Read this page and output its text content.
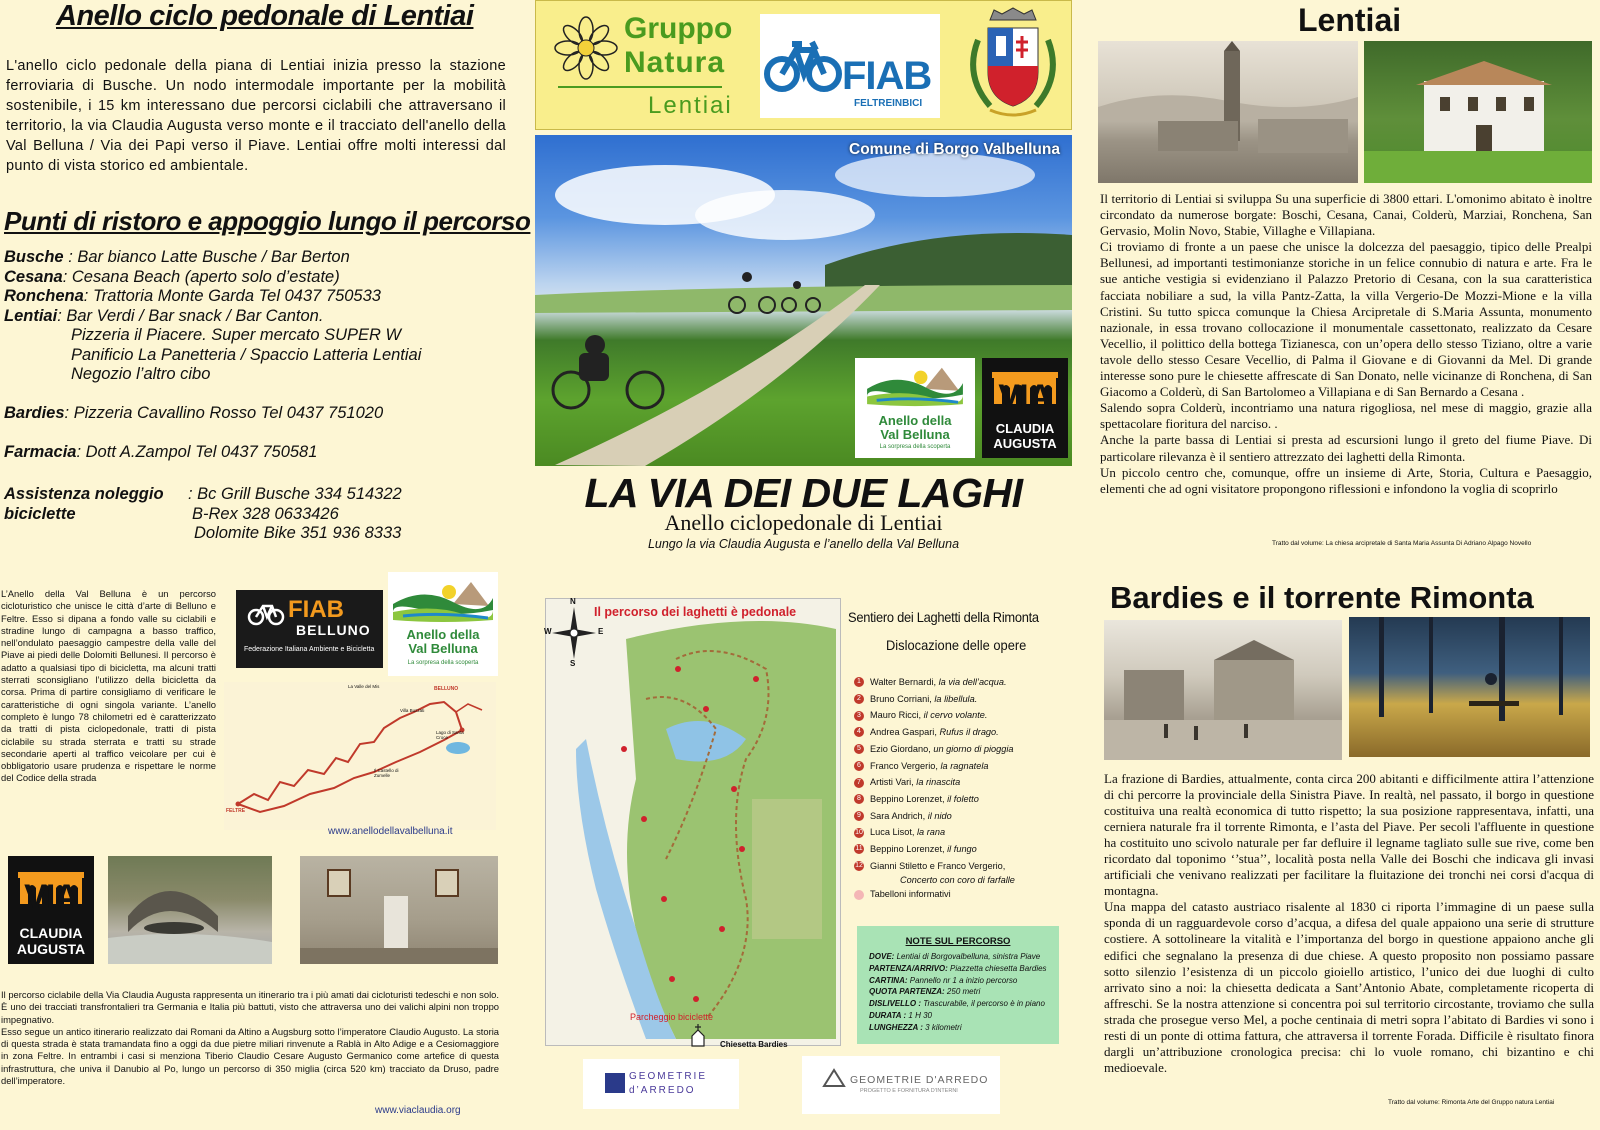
Anello ciclo pedonale di Lentiai
L'anello ciclo pedonale della piana di Lentiai inizia presso la stazione ferroviaria di Busche. Un nodo intermodale importante per la mobilità sostenibile, i 15 km interessano due percorsi ciclabili che attraversano il territorio, la via Claudia Augusta verso monte e il tracciato dell'anello della Val Belluna / Via dei Papi verso il Piave. Lentiai offre molti interessi dal punto di vista storico ed ambientale.
Punti di ristoro e appoggio lungo il percorso
Busche : Bar bianco Latte Busche / Bar Berton
Cesana: Cesana Beach (aperto solo d’estate)
Ronchena: Trattoria Monte Garda Tel 0437 750533
Lentiai: Bar Verdi / Bar snack / Bar Canton.
Pizzeria il Piacere. Super mercato SUPER W
Panificio La Panetteria / Spaccio Latteria Lentiai
Negozio l’altro cibo
Bardies: Pizzeria Cavallino Rosso Tel 0437 751020
Farmacia: Dott A.Zampol Tel 0437 750581
Assistenza noleggio
biciclette
: Bc Grill Busche 334 514322
B-Rex 328 0633426
Dolomite Bike 351 936 8333
L’Anello della Val Belluna è un percorso cicloturistico che unisce le città d’arte di Belluno e Feltre. Esso si dipana a fondo valle su ciclabili e stradine lungo di campagna a basso traffico, nell’ondulato paesaggio campestre della valle del Piave ai piedi delle Dolomiti Bellunesi. Il percorso è adatto a qualsiasi tipo di bicicletta, ma alcuni tratti sterrati sconsigliano l’utilizzo della bicicletta da corsa. Prima di partire consigliamo di verificare le caratteristiche di ogni singola variante. L’anello completo è lungo 78 chilometri ed è caratterizzato da tratti di pista ciclopedonale, tratti di pista ciclabile su strada sterrata e tratti su strade secondarie aperti al traffico veicolare per cui è obbligatorio usare prudenza e rispettare le norme del Codice della strada
FIAB
BELLUNO
Federazione Italiana Ambiente e Bicicletta
Anello della
Val Belluna
La sorpresa della scoperta
La Valle del Mis	BELLUNO
FELTRE
Lago di Santa Croce
Il Castello di Zumelle
Villa Buzzati
www.anellodellavalbelluna.it
VIA
CLAUDIA
AUGUSTA
Il percorso ciclabile della Via Claudia Augusta rappresenta un itinerario tra i più amati dai cicloturisti tedeschi e non solo. È uno dei tracciati transfrontalieri tra Germania e Italia più battuti, visto che attraversa uno dei valichi alpini non troppo impegnativo.
Esso segue un antico itinerario realizzato dai Romani da Altino a Augsburg sotto l’imperatore Claudio Augusto. La storia di questa strada è stata tramandata fino a oggi da due pietre miliari rinvenute a Rablà in Alto Adige e a Cesiomaggiore in zona Feltre. In entrambi i casi si menziona Tiberio Claudio Cesare Augusto Germanico come artefice di questa infrastruttura, che univa il Danubio al Po, lungo un percorso di 350 miglia (circa 520 km) tracciato da Druso, padre dell’imperatore.
www.viaclaudia.org
Gruppo
Natura
Lentiai
FIAB
FELTREINBICI
Comune di Borgo Valbelluna
Anello della
Val Belluna
La sorpresa della scoperta
VIA
CLAUDIA
AUGUSTA
LA VIA DEI DUE LAGHI
Anello ciclopedonale di Lentiai
Lungo la via Claudia Augusta e l’anello della Val Belluna
N
S
E
W
Il percorso dei laghetti è pedonale
Parcheggio biciclette
Chiesetta Bardies
Sentiero dei Laghetti della Rimonta
Dislocazione delle opere
1 Walter Bernardi,
la via dell’acqua.
2 Bruno Corriani,
la libellula.
3 Mauro Ricci,
il cervo volante.
4 Andrea Gaspari,
Rufus il drago.
5 Ezio Giordano,
un giorno di pioggia
6 Franco Vergerio,
la ragnatela
7 Artisti Vari,
la rinascita
8 Beppino Lorenzet,
il foletto
9 Sara Andrich,
il nido
10 Luca Lisot,
la rana
11 Beppino Lorenzet,
il fungo
12 Gianni Stiletto e Franco Vergerio,
Concerto con coro di farfalle
Tabelloni informativi
NOTE SUL PERCORSO
DOVE: Lentiai di Borgovalbelluna, sinistra Piave
PARTENZA/ARRIVO: Piazzetta chiesetta Bardies
CARTINA: Pannello nr 1 a inizio percorso
QUOTA PARTENZA: 250 metri
DISLIVELLO : Trascurabile, il percorso è in piano
DURATA : 1 H 30
LUNGHEZZA : 3 kilometri
GEOMETRIE
d’ARREDO
GEOMETRIE D'ARREDO
PROGETTO E FORNITURA D'INTERNI
Lentiai
Il territorio di Lentiai si sviluppa Su una superficie di 3800 ettari. L'omonimo abitato è inoltre circondato da numerose borgate: Boschi, Cesana, Canai, Colderù, Marziai, Ronchena, San Gervasio, Molin Novo, Stabie, Villaghe e Villapiana.
Ci troviamo di fronte a un paese che unisce la dolcezza del paesaggio, tipico delle Prealpi Bellunesi, ad importanti testimonianze storiche in un felice connubio di natura e arte. Fra le sue antiche vestigia si evidenziano il Palazzo Pretorio di Cesana, con la sua caratteristica facciata nobiliare a sud, la villa Pantz-Zatta, la villa Vergerio-De Mozzi-Mione e la villa Cristini. Su tutto spicca comunque la Chiesa Arcipretale di S.Maria Assunta, monumento nazionale, in essa trovano collocazione il monumentale cassettonato, realizzato da Cesare Vecellio, il polittico della bottega Tizianesca, con un’opera dello stesso Tiziano, oltre a varie tavole dello stesso Cesare Vecellio, di Palma il Giovane e di Giovanni da Mel. Di grande interesse sono pure le chiesette affrescate di San Donato, nelle vicinanze di Ronchena, di San Giacomo a Colderù, di San Bartolomeo a Villapiana e di San Bernardo a Cesana .
Salendo sopra Colderù, incontriamo una natura rigogliosa, nel mese di maggio, grazie alla spettacolare fioritura del narciso. .
Anche la parte bassa di Lentiai si presta ad escursioni lungo il greto del fiume Piave. Di particolare rilevanza è il sentiero attrezzato dei laghetti della Rimonta.
Un piccolo centro che, comunque, offre un insieme di Arte, Storia, Cultura e Paesaggio, elementi che ad ogni visitatore propongono riflessioni e infondono la voglia di scoprirlo
Tratto dal volume: La chiesa arcipretale di Santa Maria Assunta Di Adriano Alpago Novello
Bardies e il torrente Rimonta
La frazione di Bardies, attualmente, conta circa 200 abitanti e difficilmente attira l’attenzione di chi percorre la provinciale della Sinistra Piave. In realtà, nel passato, il borgo in questione costituiva una realtà economica di tutto rispetto; la sua posizione rappresentava, infatti, una cerniera naturale fra il torrente Rimonta, e l’asta del Piave. Per secoli l'affluente in questione ha costituito uno scivolo naturale per far defluire il legname tagliato sulle sue rive, come ben ricordato dal toponimo ‘’stua’’, località posta nella Valle dei Boschi che indicava gli invasi artificiali che venivano realizzati per facilitare la fluitazione dei tronchi nei corsi d'acqua di montagna.
Una mappa del catasto austriaco risalente al 1830 ci riporta l’immagine di un paese sulla sponda di un ragguardevole corso d’acqua, a difesa del quale appaiono una serie di strutture costiere. A sottolineare la vitalità e l’importanza del borgo in questione appaiono anche gli edifici che segnalano la presenza di due chiese. A questo proposito non possiamo passare sotto silenzio l’esistenza di un piccolo gioiello artistico, l’unico dei due luoghi di culto arrivato sino a noi: la chiesetta dedicata a Sant’Antonio Abate, completamente ricoperta di affreschi. Se la nostra attenzione si concentra poi sul territorio circostante, troviamo che sulla strada che prosegue verso Mel, a poche centinaia di metri sopra l’abitato di Bardies vi sono i resti di un ponte di ottima fattura, che attraversa il torrente Forada. Difficile è risultato finora dargli un’attribuzione cronologica precisa: chi lo vuole romano, chi bizantino e chi medioevale.
Tratto dal volume: Rimonta Arte del Gruppo natura Lentiai
